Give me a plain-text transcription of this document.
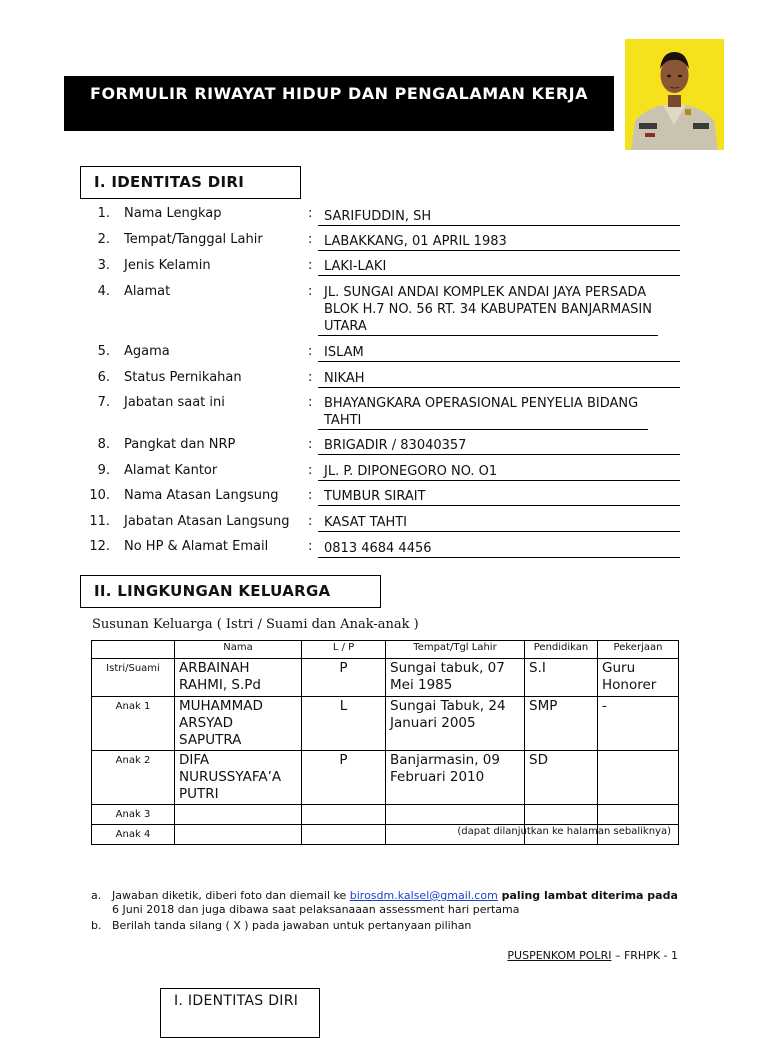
FORMULIR RIWAYAT HIDUP DAN PENGALAMAN KERJA
I. IDENTITAS DIRI
1. Nama Lengkap	: SARIFUDDIN, SH
2. Tempat/Tanggal Lahir	: LABAKKANG, 01 APRIL 1983
3. Jenis Kelamin	: LAKI-LAKI
4. Alamat	: JL. SUNGAI ANDAI KOMPLEK ANDAI JAYA PERSADA BLOK H.7 NO. 56 RT. 34 KABUPATEN BANJARMASIN UTARA
5. Agama	: ISLAM
6. Status Pernikahan	: NIKAH
7. Jabatan saat ini	: BHAYANGKARA OPERASIONAL PENYELIA BIDANG TAHTI
8. Pangkat dan NRP	: BRIGADIR / 83040357
9. Alamat Kantor	: JL. P. DIPONEGORO NO. O1
10. Nama Atasan Langsung	: TUMBUR SIRAIT
11. Jabatan Atasan Langsung	: KASAT TAHTI
12. No HP & Alamat Email	: 0813 4684 4456
II. LINGKUNGAN KELUARGA
Susunan Keluarga ( Istri / Suami dan Anak-anak )
	Nama	L / P	Tempat/Tgl Lahir	Pendidikan	Pekerjaan
Istri/Suami	ARBAINAH RAHMI, S.Pd	P	Sungai tabuk, 07 Mei 1985	S.I	Guru Honorer
Anak 1	MUHAMMAD ARSYAD SAPUTRA	L	Sungai Tabuk, 24 Januari 2005	SMP	-
Anak 2	DIFA NURUSSYAFA’A PUTRI	P	Banjarmasin, 09 Februari 2010	SD	
Anak 3					
Anak 4						(dapat dilanjutkan ke halaman sebaliknya)
a. Jawaban diketik, diberi foto dan diemail ke birosdm.kalsel@gmail.com paling lambat diterima pada 6 Juni 2018 dan juga dibawa saat pelaksanaaan assessment hari pertama
b. Berilah tanda silang ( X ) pada jawaban untuk pertanyaan pilihan
PUSPENKOM POLRI – FRHPK - 1
I. IDENTITAS DIRI
